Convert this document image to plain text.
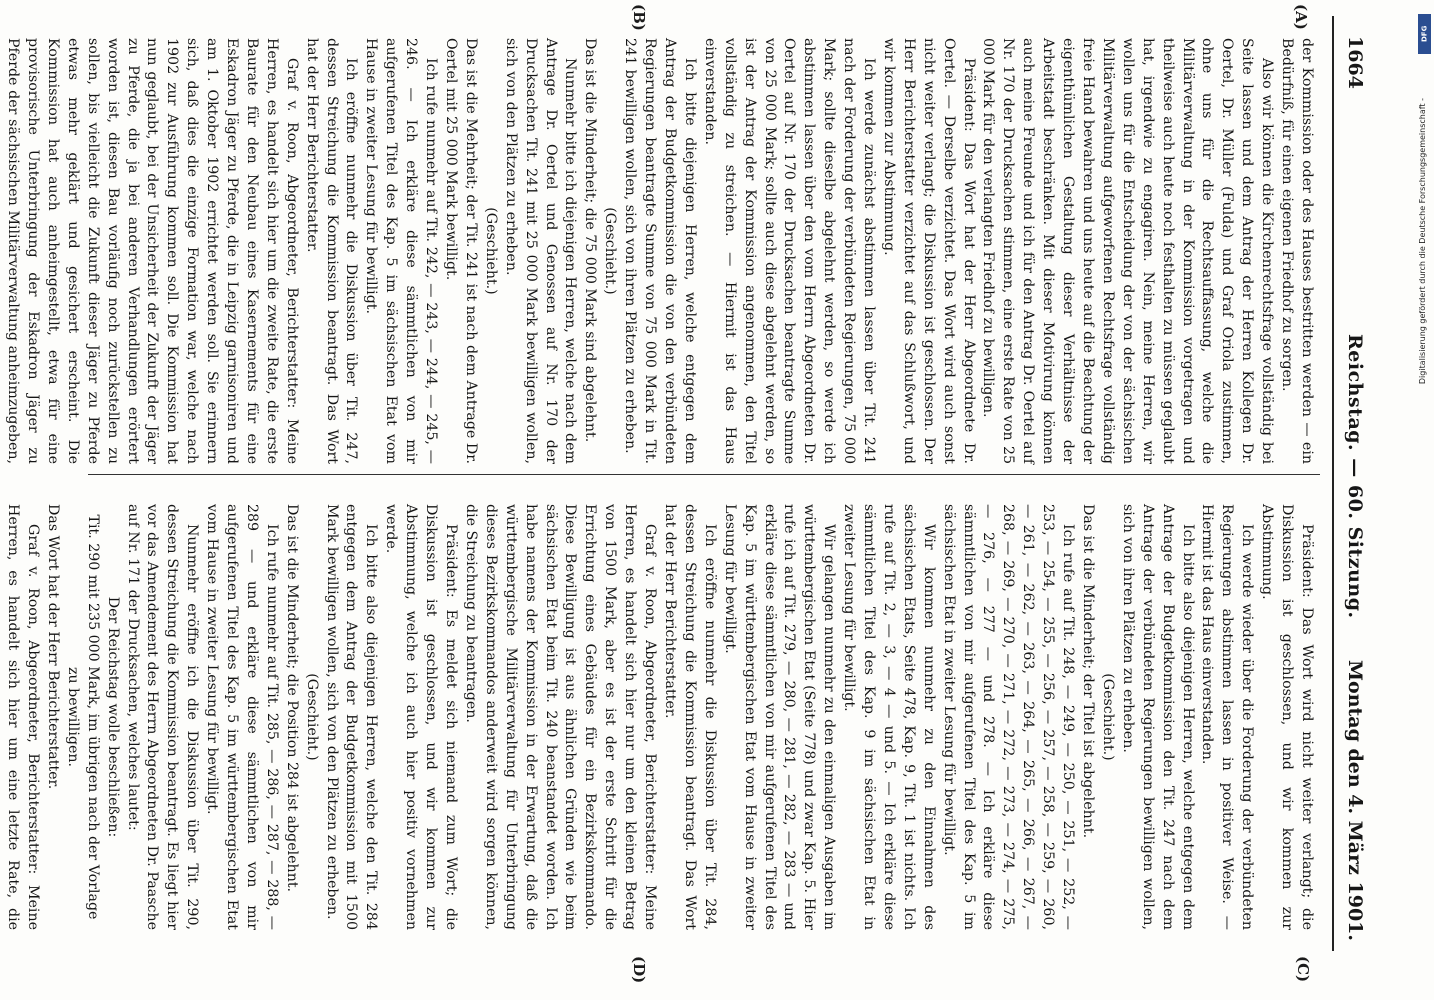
1664
Reichstag. — 60. Sitzung.
Montag den 4. März 1901.
(A)
(B)
(C)
(D)

der Kommission oder des Hauses bestritten werden — ein Bedürfniß, für einen eigenen Friedhof zu sorgen.

Also wir können die Kirchenrechtsfrage vollständig bei Seite lassen und dem Antrag der Herren Kollegen Dr. Oertel, Dr. Müller (Fulda) und Graf Oriola zustimmen, ohne uns für die Rechtsauffassung, welche die Militärverwaltung in der Kommission vorgetragen und theilweise auch heute noch festhalten zu müssen geglaubt hat, irgendwie zu engagiren. Nein, meine Herren, wir wollen uns für die Entscheidung der von der sächsischen Militärverwaltung aufgeworfenen Rechtsfrage vollständig freie Hand bewahren und uns heute auf die Beachtung der eigenthümlichen Gestaltung dieser Verhältnisse der Arbeitstadt beschränken. Mit dieser Motivirung können auch meine Freunde und ich für den Antrag Dr. Oertel auf Nr. 170 der Drucksachen stimmen, eine erste Rate von 25 000 Mark für den verlangten Friedhof zu bewilligen.

Präsident: Das Wort hat der Herr Abgeordnete Dr. Oertel. — Derselbe verzichtet. Das Wort wird auch sonst nicht weiter verlangt; die Diskussion ist geschlossen. Der Herr Berichterstatter verzichtet auf das Schlußwort, und wir kommen zur Abstimmung.

Ich werde zunächst abstimmen lassen über Tit. 241 nach der Forderung der verbündeten Regierungen, 75 000 Mark; sollte dieselbe abgelehnt werden, so werde ich abstimmen lassen über den vom Herrn Abgeordneten Dr. Oertel auf Nr. 170 der Drucksachen beantragte Summe von 25 000 Mark; sollte auch diese abgelehnt werden, so ist der Antrag der Kommission angenommen, den Titel vollständig zu streichen. — Hiermit ist das Haus einverstanden.

Ich bitte diejenigen Herren, welche entgegen dem Antrag der Budgetkommission die von den verbündeten Regierungen beantragte Summe von 75 000 Mark in Tit. 241 bewilligen wollen, sich von ihren Plätzen zu erheben.

(Geschieht.)

Das ist die Minderheit; die 75 000 Mark sind abgelehnt.

Nunmehr bitte ich diejenigen Herren, welche nach dem Antrage Dr. Oertel und Genossen auf Nr. 170 der Drucksachen Tit. 241 mit 25 000 Mark bewilligen wollen, sich von den Plätzen zu erheben.

(Geschieht.)

Das ist die Mehrheit; der Tit. 241 ist nach dem Antrage Dr. Oertel mit 25 000 Mark bewilligt.

Ich rufe nunmehr auf Tit. 242, — 243, — 244, — 245, — 246. — Ich erkläre diese sämmtlichen von mir aufgerufenen Titel des Kap. 5 im sächsischen Etat vom Hause in zweiter Lesung für bewilligt.

Ich eröffne nunmehr die Diskussion über Tit. 247, dessen Streichung die Kommission beantragt. Das Wort hat der Herr Berichterstatter.

Graf v. Roon, Abgeordneter, Berichterstatter: Meine Herren, es handelt sich hier um die zweite Rate, die erste Baurate für den Neubau eines Kasernements für eine Eskadron Jäger zu Pferde, die in Leipzig garnisoniren und am 1. Oktober 1902 errichtet werden soll. Sie erinnern sich, daß dies die einzige Formation war, welche nach 1902 zur Ausführung kommen soll. Die Kommission hat nun geglaubt, bei der Unsicherheit der Zukunft der Jäger zu Pferde, die ja bei anderen Verhandlungen erörtert worden ist, diesen Bau vorläufig noch zurückstellen zu sollen, bis vielleicht die Zukunft dieser Jäger zu Pferde etwas mehr geklärt und gesichert erscheint. Die Kommission hat auch anheimgestellt, etwa für eine provisorische Unterbringung der Eskadron Jäger zu Pferde der sächsischen Militärverwaltung anheimzugeben,

Präsident: Das Wort wird nicht weiter verlangt; die Diskussion ist geschlossen, und wir kommen zur Abstimmung.

Ich werde wieder über die Forderung der verbündeten Regierungen abstimmen lassen in positiver Weise. — Hiermit ist das Haus einverstanden.

Ich bitte also diejenigen Herren, welche entgegen dem Antrage der Budgetkommission den Tit. 247 nach dem Antrage der verbündeten Regierungen bewilligen wollen, sich von ihren Plätzen zu erheben.

(Geschieht.)

Das ist die Minderheit; der Titel ist abgelehnt.

Ich rufe auf Tit. 248, — 249, — 250, — 251, — 252, — 253, — 254, — 255, — 256, — 257, — 258, — 259, — 260, — 261, — 262, — 263, — 264, — 265, — 266, — 267, — 268, — 269, — 270, — 271, — 272, — 273, — 274, — 275, — 276, — 277 — und 278. — Ich erkläre diese sämmtlichen von mir aufgerufenen Titel des Kap. 5 im sächsischen Etat in zweiter Lesung für bewilligt.

Wir kommen nunmehr zu den Einnahmen des sächsischen Etats, Seite 478, Kap. 9, Tit. 1 ist nichts. Ich rufe auf Tit. 2, — 3, — 4 — und 5. — Ich erkläre diese sämmtlichen Titel des Kap. 9 im sächsischen Etat in zweiter Lesung für bewilligt.

Wir gelangen nunmehr zu den einmaligen Ausgaben im württembergischen Etat (Seite 778) und zwar Kap. 5. Hier rufe ich auf Tit. 279, — 280, — 281, — 282, — 283 — und erkläre diese sämmtlichen von mir aufgerufenen Titel des Kap. 5 im württembergischen Etat vom Hause in zweiter Lesung für bewilligt.

Ich eröffne nunmehr die Diskussion über Tit. 284, dessen Streichung die Kommission beantragt. Das Wort hat der Herr Berichterstatter.

Graf v. Roon, Abgeordneter, Berichterstatter: Meine Herren, es handelt sich hier nur um den kleinen Betrag von 1500 Mark, aber es ist der erste Schritt für die Errichtung eines Gebäudes für ein Bezirkskommando. Diese Bewilligung ist aus ähnlichen Gründen wie beim sächsischen Etat beim Tit. 240 beanstandet worden. Ich habe namens der Kommission in der Erwartung, daß die württembergische Militärverwaltung für Unterbringung dieses Bezirkskommandos anderweit wird sorgen können, die Streichung zu beantragen.

Präsident: Es meldet sich niemand zum Wort; die Diskussion ist geschlossen, und wir kommen zur Abstimmung, welche ich auch hier positiv vornehmen werde.

Ich bitte also diejenigen Herren, welche den Tit. 284 entgegen dem Antrag der Budgetkommission mit 1500 Mark bewilligen wollen, sich von den Plätzen zu erheben.

(Geschieht.)

Das ist die Minderheit; die Position 284 ist abgelehnt.

Ich rufe nunmehr auf Tit. 285, — 286, — 287, — 288, — 289 — und erkläre diese sämmtlichen von mir aufgerufenen Titel des Kap. 5 im württembergischen Etat vom Hause in zweiter Lesung für bewilligt.

Nunmehr eröffne ich die Diskussion über Tit. 290, dessen Streichung die Kommission beantragt. Es liegt hier vor das Amendement des Herrn Abgeordneten Dr. Paasche auf Nr. 171 der Drucksachen, welches lautet:

Der Reichstag wolle beschließen:

Tit. 290 mit 235 000 Mark, im übrigen nach der Vorlage zu bewilligen.

Das Wort hat der Herr Berichterstatter.

Graf v. Roon, Abgeordneter, Berichterstatter: Meine Herren, es handelt sich hier um eine letzte Rate, die

DFG
Digitalisierung gefördert durch die Deutsche Forschungsgemeinschaft -
